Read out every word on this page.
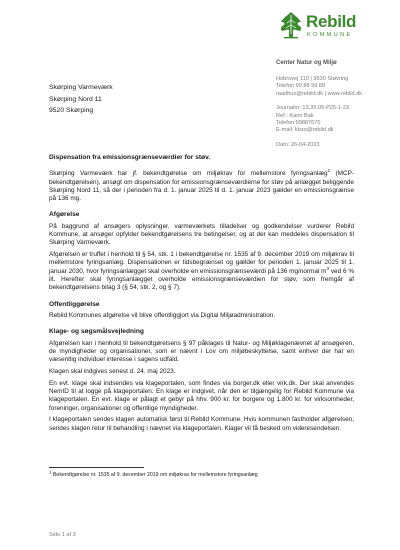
Rebild
KOMMUNE
Center Natur og Miljø
Hobrovej 110 | 9530 Støvring
Telefon 99 88 99 88
raadhus@rebild.dk | www.rebild.dk
Journalnr: 13.35.05-P25-1-23
Ref.: Karin Bak
Telefon:99887670
E-mail: kbso@rebild.dk
Dato: 26-04-2023
Skørping Varmeværk
Skørping Nord 11
9520 Skørping
Dispensation fra emissionsgrænseværdier for støv.

Skørping Varmeværk har jf. bekendtgørelse om miljøkrav for mellemstore fyringsanlæg$^1$ (MCP-bekendtgørelsen), ansøgt om dispensation for emissionsgrænseværdierne for støv på anlægget beliggende Skørping Nord 11, så der i perioden fra d. 1. januar 2025 til d. 1. januar 2023 gælder en emissionsgrænse på 136 mg.

Afgørelse

På baggrund af ansøgers oplysninger, varmeværkets tilladelser og godkendelser vurderer Rebild Kommune, at ansøger opfylder bekendtgørelsens tre betingelser, og at der kan meddeles dispensation til Skørping Varmeværk.

Afgørelsen er truffet i henhold til § 54, stk. 1 i bekendtgørelse nr. 1535 af 9. december 2019 om miljøkrav til mellemstore fyringsanlæg. Dispensationen er tidsbegrænset og gælder for perioden 1. januar 2025 til 1. januar 2030, hvor fyringsanlægget skal overholde en emissionsgrænseværdi på 136 mg/normal $m^3$ ved 6 % ilt. Herefter skal fyringsanlægget overholde emissionsgrænseværdien for støv, som fremgår af bekendtgørelsens bilag 3 (§ 54, stk. 2, og § 7).

Offentliggørelse

Rebild Kommunes afgørelse vil blive offentliggjort via Digital Miljøadministration.

Klage- og søgsmålsvejledning

Afgørelsen kan i henhold til bekendtgørelsens § 97 påklages til Natur- og Miljøklagenævnet af ansøgeren, de myndigheder og organisationer, som er nævnt i Lov om miljøbeskyttelse, samt enhver der har en væsentlig individuel interesse i sagens udfald.

Klagen skal indgives senest d. 24. maj 2023.

En evt. klage skal indsendes via klageportalen, som findes via borger.dk eller virk.dk. Der skal anvendes NemID til at logge på klageportalen. En klage er indgivet, når den er tilgængelig for Rebild Kommune via klageportalen. En evt. klage er pålagt et gebyr på hhv. 900 kr. for borgere og 1.800 kr. for virksomheder, foreninger, organisationer og offentlige myndigheder.

I klageportalen sendes klagen automatisk først til Rebild Kommune. Hvis kommunen fastholder afgørelsen, sendes klagen retur til behandling i nævnet via klageportalen. Klager vil få besked om videresendelsen.

$^1$ Bekendtgørelse nr. 1535 af 9. december 2019 om miljøkrav for mellemstore fyringsanlæg
Side 1 af 3
